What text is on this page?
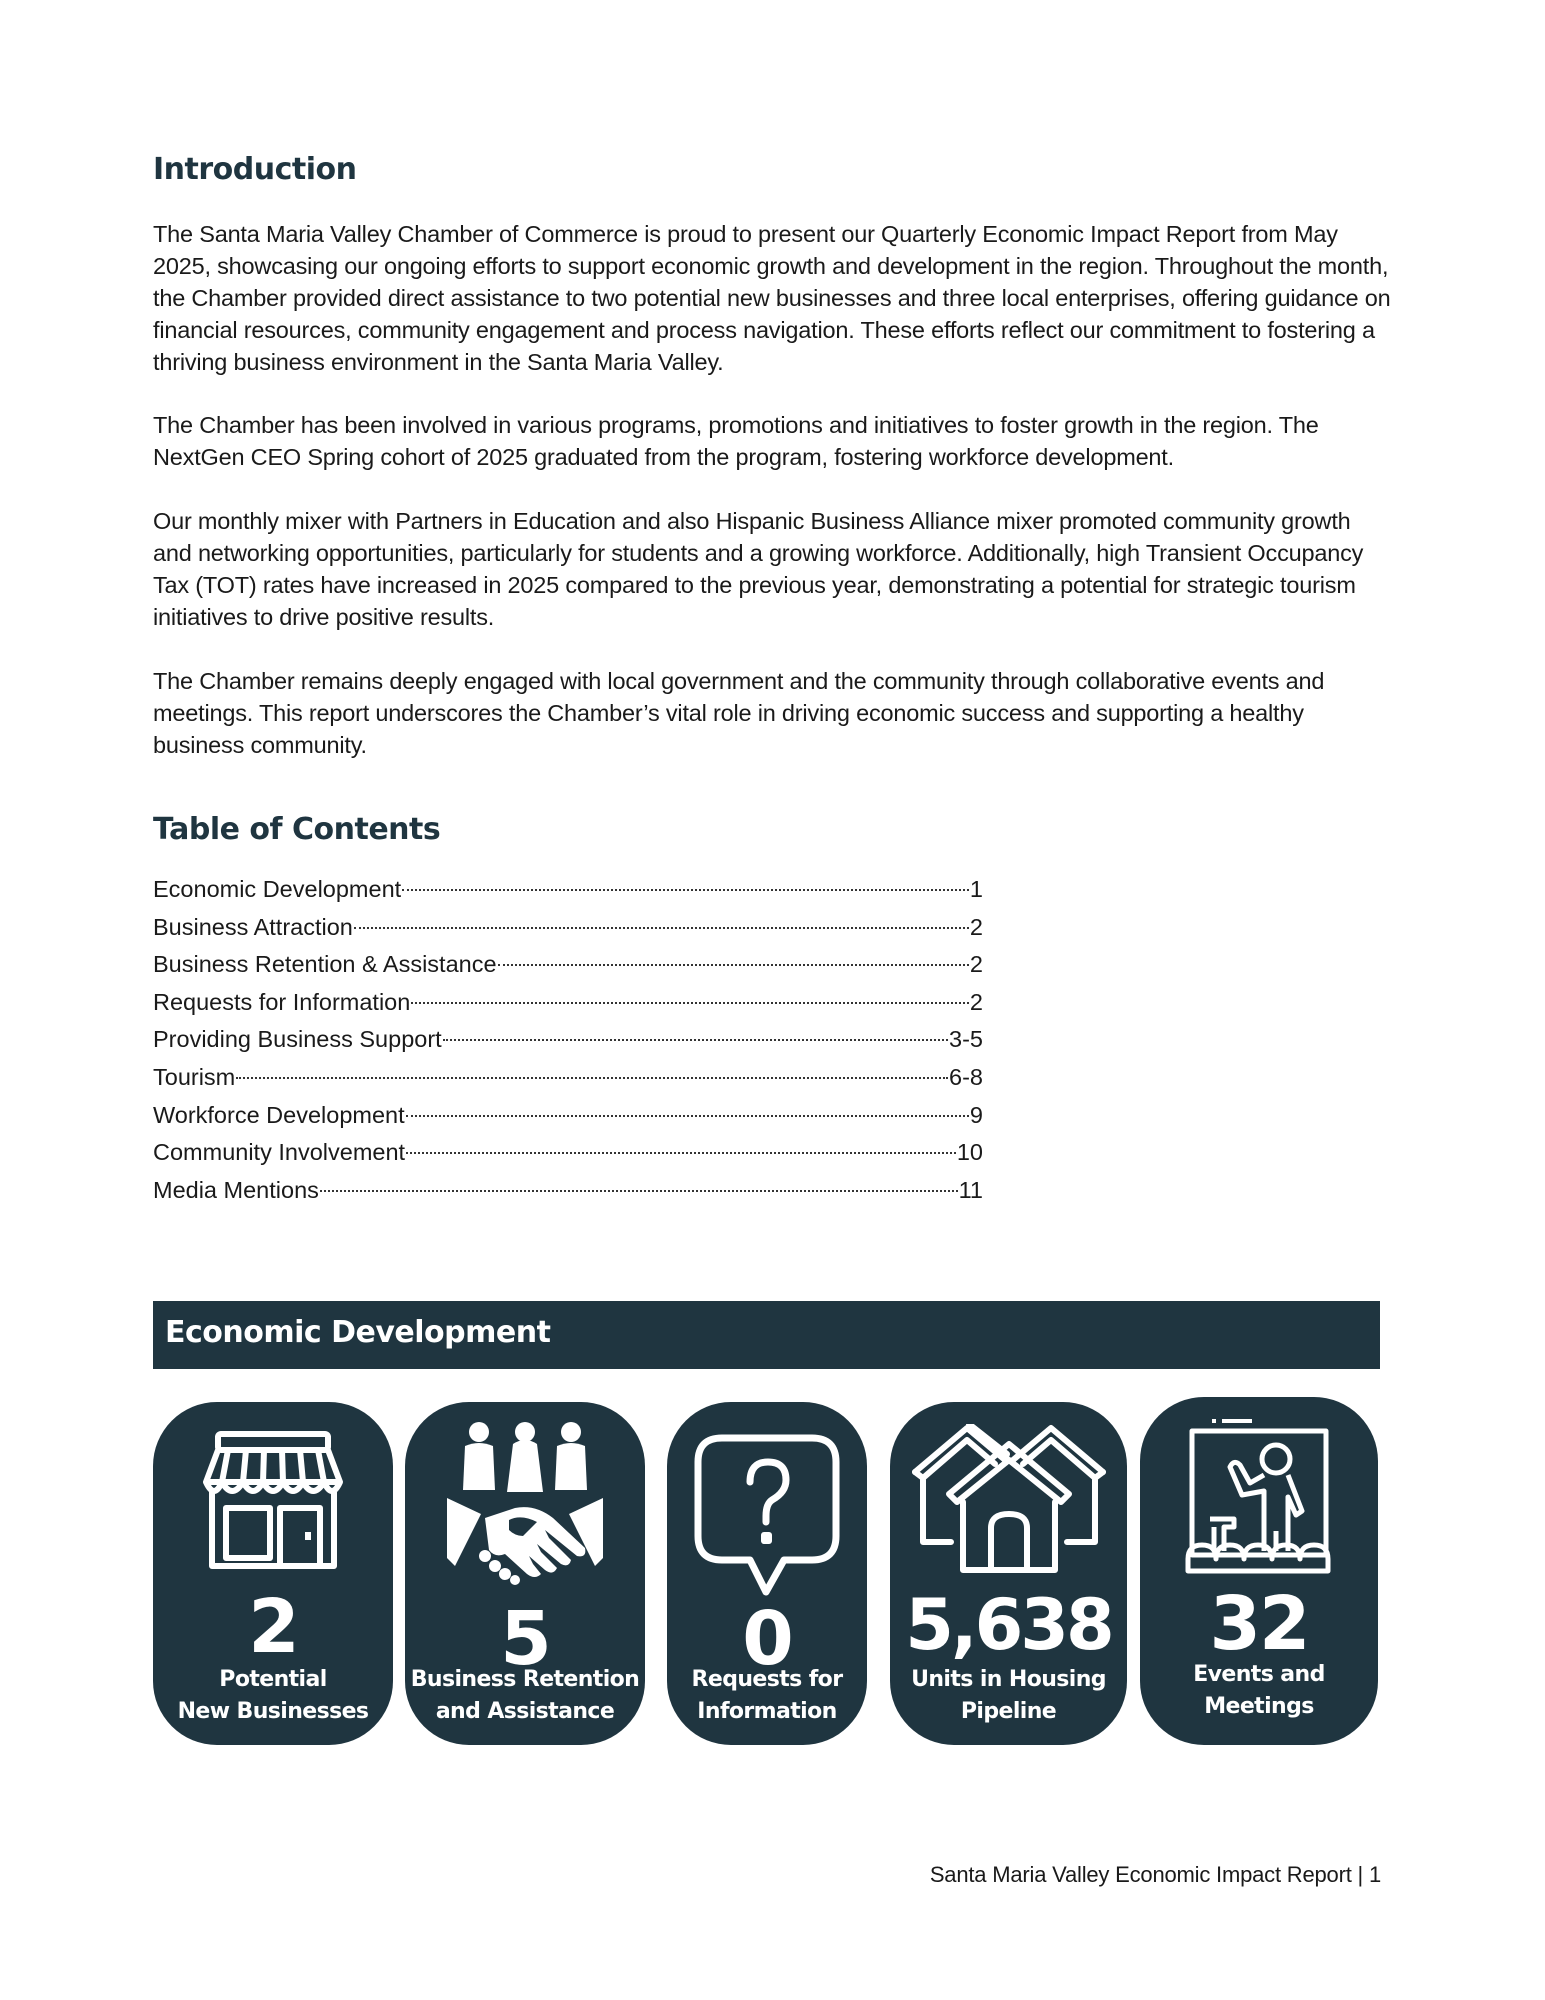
Introduction

The Santa Maria Valley Chamber of Commerce is proud to present our Quarterly Economic Impact Report from May 2025, showcasing our ongoing efforts to support economic growth and development in the region. Throughout the month, the Chamber provided direct assistance to two potential new businesses and three local enterprises, offering guidance on financial resources, community engagement and process navigation. These efforts reflect our commitment to fostering a thriving business environment in the Santa Maria Valley.

The Chamber has been involved in various programs, promotions and initiatives to foster growth in the region. The NextGen CEO Spring cohort of 2025 graduated from the program, fostering workforce development.

Our monthly mixer with Partners in Education and also Hispanic Business Alliance mixer promoted community growth and networking opportunities, particularly for students and a growing workforce. Additionally, high Transient Occupancy Tax (TOT) rates have increased in 2025 compared to the previous year, demonstrating a potential for strategic tourism initiatives to drive positive results.

The Chamber remains deeply engaged with local government and the community through collaborative events and meetings. This report underscores the Chamber’s vital role in driving economic success and supporting a healthy business community.

Table of Contents
Economic Development	1
Business Attraction	2
Business Retention & Assistance	2
Requests for Information	2
Providing Business Support	3-5
Tourism	6-8
Workforce Development	9
Community Involvement	10
Media Mentions	11
Economic Development
2
Potential
New Businesses
5
Business Retention
and Assistance
0
Requests for
Information
5,638
Units in Housing
Pipeline
32
Events and
Meetings
Santa Maria Valley Economic Impact Report | 1
